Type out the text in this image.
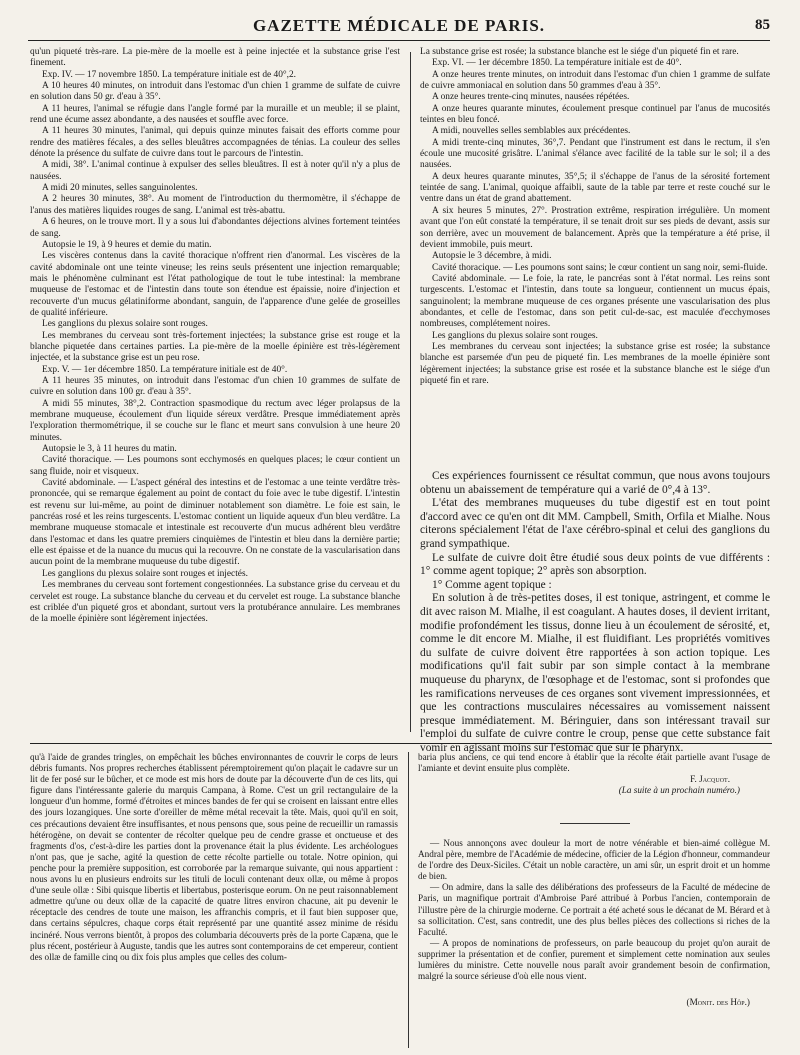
GAZETTE MÉDICALE DE PARIS.	85

qu'un piqueté très-rare. La pie-mère de la moelle est à peine injectée et la substance grise l'est finement.

Exp. IV. — 17 novembre 1850. La température initiale est de 40°,2.

A 10 heures 40 minutes, on introduit dans l'estomac d'un chien 1 gramme de sulfate de cuivre en solution dans 50 gr. d'eau à 35°.

A 11 heures, l'animal se réfugie dans l'angle formé par la muraille et un meuble; il se plaint, rend une écume assez abondante, a des nausées et souffle avec force.

A 11 heures 30 minutes, l'animal, qui depuis quinze minutes faisait des efforts comme pour rendre des matières fécales, a des selles bleuâtres accompagnées de ténias. La couleur des selles dénote la présence du sulfate de cuivre dans tout le parcours de l'intestin.

A midi, 38°. L'animal continue à expulser des selles bleuâtres. Il est à noter qu'il n'y a plus de nausées.

A midi 20 minutes, selles sanguinolentes.

A 2 heures 30 minutes, 38°. Au moment de l'introduction du thermomètre, il s'échappe de l'anus des matières liquides rouges de sang. L'animal est très-abattu.

A 6 heures, on le trouve mort. Il y a sous lui d'abondantes déjections alvines fortement teintées de sang.

Autopsie le 19, à 9 heures et demie du matin.

Les viscères contenus dans la cavité thoracique n'offrent rien d'anormal. Les viscères de la cavité abdominale ont une teinte vineuse; les reins seuls présentent une injection remarquable; mais le phénomène culminant est l'état pathologique de tout le tube intestinal: la membrane muqueuse de l'estomac et de l'intestin dans toute son étendue est épaissie, noire d'injection et recouverte d'un mucus gélatiniforme abondant, sanguin, de l'apparence d'une gelée de groseilles de qualité inférieure.

Les ganglions du plexus solaire sont rouges.

Les membranes du cerveau sont très-fortement injectées; la substance grise est rouge et la blanche piquetée dans certaines parties. La pie-mère de la moelle épinière est très-légèrement injectée, et la substance grise est un peu rose.

Exp. V. — 1er décembre 1850. La température initiale est de 40°.

A 11 heures 35 minutes, on introduit dans l'estomac d'un chien 10 grammes de sulfate de cuivre en solution dans 100 gr. d'eau à 35°.

A midi 55 minutes, 38°,2. Contraction spasmodique du rectum avec léger prolapsus de la membrane muqueuse, écoulement d'un liquide séreux verdâtre. Presque immédiatement après l'exploration thermométrique, il se couche sur le flanc et meurt sans convulsion à une heure 20 minutes.

Autopsie le 3, à 11 heures du matin.

Cavité thoracique. — Les poumons sont ecchymosés en quelques places; le cœur contient un sang fluide, noir et visqueux.

Cavité abdominale. — L'aspect général des intestins et de l'estomac a une teinte verdâtre très-prononcée, qui se remarque également au point de contact du foie avec le tube digestif. L'intestin est revenu sur lui-même, au point de diminuer notablement son diamètre. Le foie est sain, le pancréas rosé et les reins turgescents. L'estomac contient un liquide aqueux d'un bleu verdâtre. La membrane muqueuse stomacale et intestinale est recouverte d'un mucus adhérent bleu verdâtre dans l'estomac et dans les quatre premiers cinquièmes de l'intestin et bleu dans la dernière partie; elle est épaisse et de la nuance du mucus qui la recouvre. On ne constate de la vascularisation dans aucun point de la membrane muqueuse du tube digestif.

Les ganglions du plexus solaire sont rouges et injectés.

Les membranes du cerveau sont fortement congestionnées. La substance grise du cerveau et du cervelet est rouge. La substance blanche du cerveau et du cervelet est rouge. La substance blanche est criblée d'un piqueté gros et abondant, surtout vers la protubérance annulaire. Les membranes de la moelle épinière sont légèrement injectées.

La substance grise est rosée; la substance blanche est le siége d'un piqueté fin et rare.

Exp. VI. — 1er décembre 1850. La température initiale est de 40°.

A onze heures trente minutes, on introduit dans l'estomac d'un chien 1 gramme de sulfate de cuivre ammoniacal en solution dans 50 grammes d'eau à 35°.

A onze heures trente-cinq minutes, nausées répétées.

A onze heures quarante minutes, écoulement presque continuel par l'anus de mucosités teintes en bleu foncé.

A midi, nouvelles selles semblables aux précédentes.

A midi trente-cinq minutes, 36°,7. Pendant que l'instrument est dans le rectum, il s'en écoule une mucosité grisâtre. L'animal s'élance avec facilité de la table sur le sol; il a des nausées.

A deux heures quarante minutes, 35°,5; il s'échappe de l'anus de la sérosité fortement teintée de sang. L'animal, quoique affaibli, saute de la table par terre et reste couché sur le ventre dans un état de grand abattement.

A six heures 5 minutes, 27°. Prostration extrême, respiration irrégulière. Un moment avant que l'on eût constaté la température, il se tenait droit sur ses pieds de devant, assis sur son derrière, avec un mouvement de balancement. Après que la température a été prise, il devient immobile, puis meurt.

Autopsie le 3 décembre, à midi.

Cavité thoracique. — Les poumons sont sains; le cœur contient un sang noir, semi-fluide.

Cavité abdominale. — Le foie, la rate, le pancréas sont à l'état normal. Les reins sont turgescents. L'estomac et l'intestin, dans toute sa longueur, contiennent un mucus épais, sanguinolent; la membrane muqueuse de ces organes présente une vascularisation des plus abondantes, et celle de l'estomac, dans son petit cul-de-sac, est maculée d'ecchymoses nombreuses, complétement noires.

Les ganglions du plexus solaire sont rouges.

Les membranes du cerveau sont injectées; la substance grise est rosée; la substance blanche est parsemée d'un peu de piqueté fin. Les membranes de la moelle épinière sont légèrement injectées; la substance grise est rosée et la substance blanche est le siége d'un piqueté fin et rare.

Ces expériences fournissent ce résultat commun, que nous avons toujours obtenu un abaissement de température qui a varié de 0°,4 à 13°.

L'état des membranes muqueuses du tube digestif est en tout point d'accord avec ce qu'en ont dit MM. Campbell, Smith, Orfila et Mialhe. Nous citerons spécialement l'état de l'axe cérébro-spinal et celui des ganglions du grand sympathique.

Le sulfate de cuivre doit être étudié sous deux points de vue différents : 1° comme agent topique; 2° après son absorption.

1° Comme agent topique :

En solution à de très-petites doses, il est tonique, astringent, et comme le dit avec raison M. Mialhe, il est coagulant. A hautes doses, il devient irritant, modifie profondément les tissus, donne lieu à un écoulement de sérosité, et, comme le dit encore M. Mialhe, il est fluidifiant. Les propriétés vomitives du sulfate de cuivre doivent être rapportées à son action topique. Les modifications qu'il fait subir par son simple contact à la membrane muqueuse du pharynx, de l'œsophage et de l'estomac, sont si profondes que les ramifications nerveuses de ces organes sont vivement impressionnées, et que les contractions musculaires nécessaires au vomissement naissent presque immédiatement. M. Béringuier, dans son intéressant travail sur l'emploi du sulfate de cuivre contre le croup, pense que cette substance fait vomir en agissant moins sur l'estomac que sur le pharynx.

qu'à l'aide de grandes tringles, on empêchait les bûches environnantes de couvrir le corps de leurs débris fumants. Nos propres recherches établissent péremptoirement qu'on plaçait le cadavre sur un lit de fer posé sur le bûcher, et ce mode est mis hors de doute par la découverte d'un de ces lits, qui figure dans l'intéressante galerie du marquis Campana, à Rome. C'est un gril rectangulaire de la longueur d'un homme, formé d'étroites et minces bandes de fer qui se croisent en laissant entre elles des jours lozangiques. Une sorte d'oreiller de même métal recevait la tête. Mais, quoi qu'il en soit, ces précautions devaient être insuffisantes, et nous pensons que, sous peine de recueillir un ramassis hétérogène, on devait se contenter de récolter quelque peu de cendre grasse et onctueuse et des fragments d'os, c'est-à-dire les parties dont la provenance était la plus évidente. Les archéologues n'ont pas, que je sache, agité la question de cette récolte partielle ou totale. Notre opinion, qui penche pour la première supposition, est corroborée par la remarque suivante, qui nous appartient : nous avons lu en plusieurs endroits sur les tituli de loculi contenant deux ollæ, ou même à propos d'une seule ollæ : Sibi quisque libertis et libertabus, posterisque eorum. On ne peut raisonnablement admettre qu'une ou deux ollæ de la capacité de quatre litres environ chacune, ait pu devenir le réceptacle des cendres de toute une maison, les affranchis compris, et il faut bien supposer que, dans certains sépulcres, chaque corps était représenté par une quantité assez minime de résidu incinéré. Nous verrons bientôt, à propos des columbaria découverts près de la porte Capæna, que le plus récent, postérieur à Auguste, tandis que les autres sont contemporains de cet empereur, contient des ollæ de famille cinq ou dix fois plus amples que celles des colum-

baria plus anciens, ce qui tend encore à établir que la récolte était partielle avant l'usage de l'amiante et devint ensuite plus complète.

F. Jacquot.

(La suite à un prochain numéro.)

— Nous annonçons avec douleur la mort de notre vénérable et bien-aimé collègue M. Andral père, membre de l'Académie de médecine, officier de la Légion d'honneur, commandeur de l'ordre des Deux-Siciles. C'était un noble caractère, un ami sûr, un esprit droit et un homme de bien.

— On admire, dans la salle des délibérations des professeurs de la Faculté de médecine de Paris, un magnifique portrait d'Ambroise Paré attribué à Porbus l'ancien, contemporain de l'illustre père de la chirurgie moderne. Ce portrait a été acheté sous le décanat de M. Bérard et à sa sollicitation. C'est, sans contredit, une des plus belles pièces des collections si riches de la Faculté.

— A propos de nominations de professeurs, on parle beaucoup du projet qu'on aurait de supprimer la présentation et de confier, purement et simplement cette nomination aux seules lumières du ministre. Cette nouvelle nous paraît avoir grandement besoin de confirmation, malgré la source sérieuse d'où elle nous vient.

(Monit. des Hôp.)
